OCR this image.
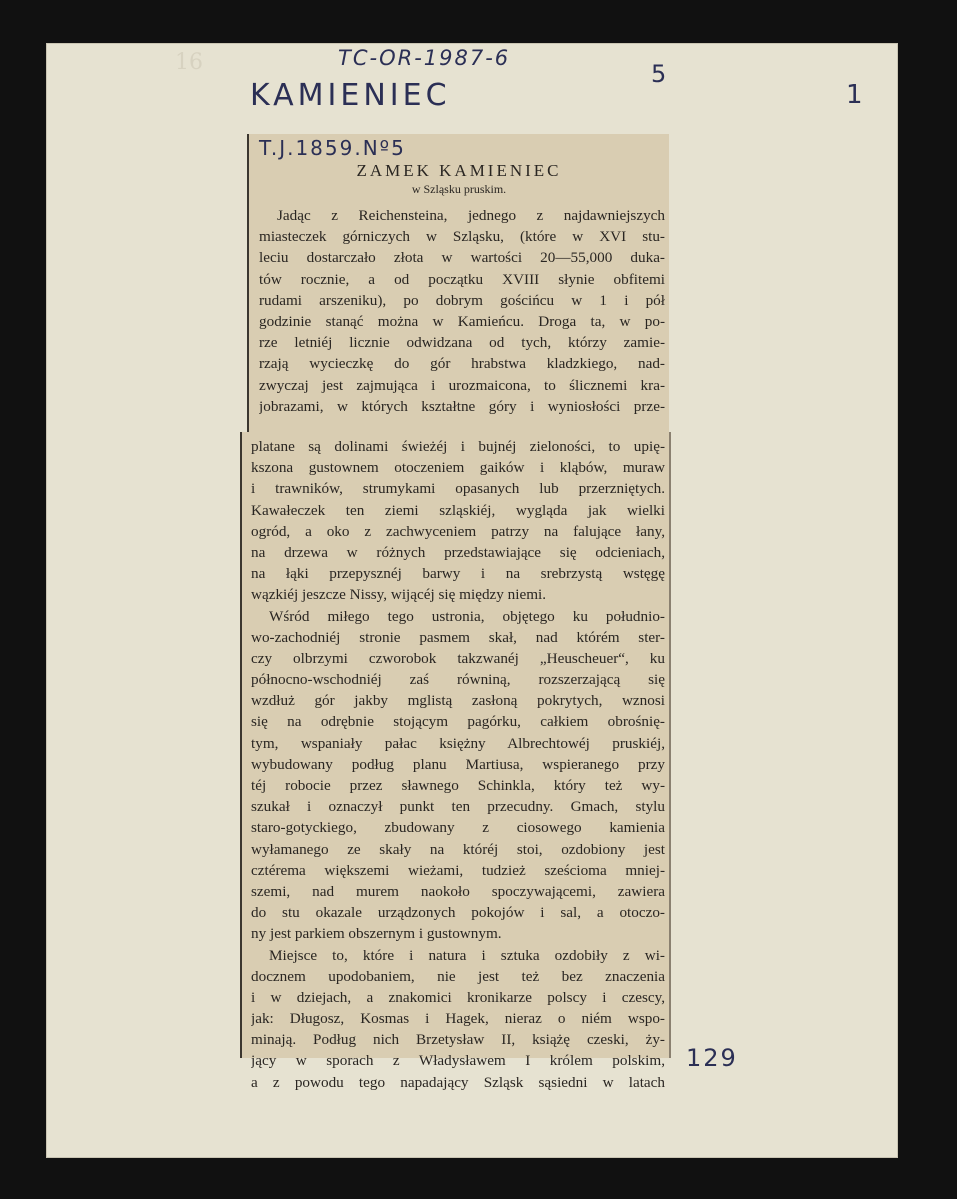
16	TC-OR-1987-6
KAMIENIEC
5
1
129
T.J.1859.Nº5
ZAMEK KAMIENIEC
w Szląsku pruskim.
Jadąc z Reichensteina, jednego z najdawniejszych
miasteczek górniczych w Szląsku, (które w XVI stu-
leciu dostarczało złota w wartości 20—55,000 duka-
tów rocznie, a od początku XVIII słynie obfitemi
rudami arszeniku), po dobrym gościńcu w 1 i pół
godzinie stanąć można w Kamieńcu. Droga ta, w po-
rze letniéj licznie odwidzana od tych, którzy zamie-
rzają wycieczkę do gór hrabstwa kladzkiego, nad-
zwyczaj jest zajmująca i urozmaicona, to ślicznemi kra-
jobrazami, w których kształtne góry i wyniosłości prze-
platane są dolinami świeżéj i bujnéj zieloności, to upię-
kszona gustownem otoczeniem gaików i kląbów, muraw
i trawników, strumykami opasanych lub przerzniętych.
Kawałeczek ten ziemi szląskiéj, wygląda jak wielki
ogród, a oko z zachwyceniem patrzy na falujące łany,
na drzewa w różnych przedstawiające się odcieniach,
na łąki przepysznéj barwy i na srebrzystą wstęgę
wązkiéj jeszcze Nissy, wijącéj się między niemi.
Wśród miłego tego ustronia, objętego ku południo-
wo-zachodniéj stronie pasmem skał, nad którém ster-
czy olbrzymi czworobok takzwanéj „Heuscheuer“, ku
północno-wschodniéj zaś równiną, rozszerzającą się
wzdłuż gór jakby mglistą zasłoną pokrytych, wznosi
się na odrębnie stojącym pagórku, całkiem obrośnię-
tym, wspaniały pałac księżny Albrechtowéj pruskiéj,
wybudowany podług planu Martiusa, wspieranego przy
téj robocie przez sławnego Schinkla, który też wy-
szukał i oznaczył punkt ten przecudny. Gmach, stylu
staro-gotyckiego, zbudowany z ciosowego kamienia
wyłamanego ze skały na któréj stoi, ozdobiony jest
cztérema większemi wieżami, tudzież sześcioma mniej-
szemi, nad murem naokoło spoczywającemi, zawiera
do stu okazale urządzonych pokojów i sal, a otoczo-
ny jest parkiem obszernym i gustownym.
Miejsce to, które i natura i sztuka ozdobiły z wi-
docznem upodobaniem, nie jest też bez znaczenia
i w dziejach, a znakomici kronikarze polscy i czescy,
jak: Długosz, Kosmas i Hagek, nieraz o niém wspo-
minają. Podług nich Brzetysław II, książę czeski, ży-
jący w sporach z Władysławem I królem polskim,
a z powodu tego napadający Szląsk sąsiedni w latach
